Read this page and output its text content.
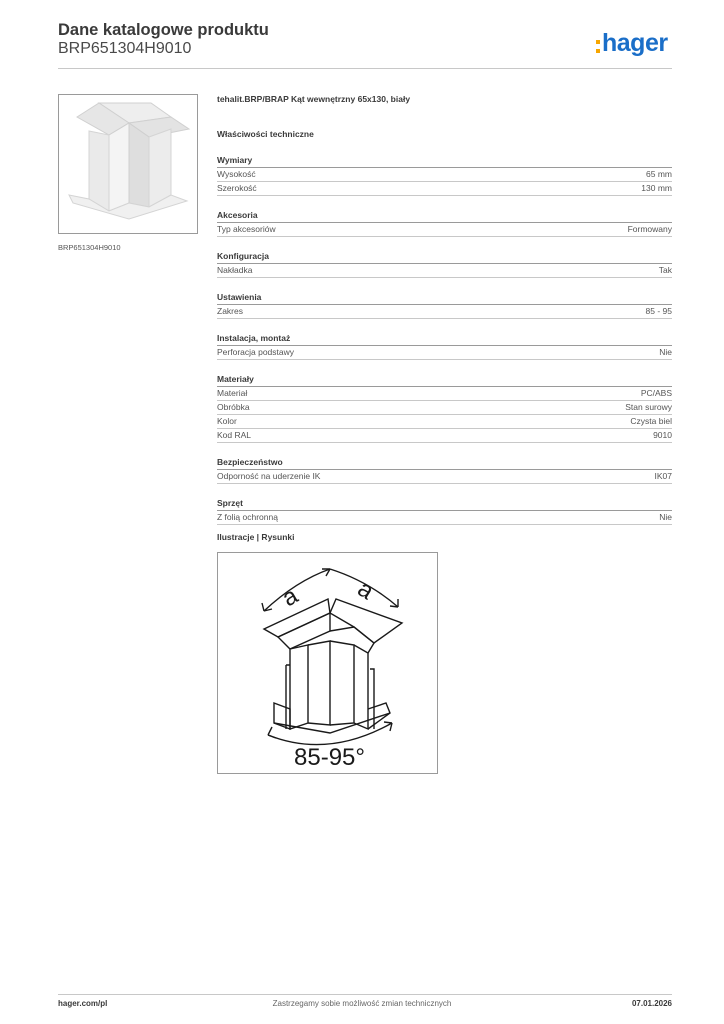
Dane katalogowe produktu
BRP651304H9010	hager
BRP651304H9010
tehalit.BRP/BRAP Kąt wewnętrzny 65x130, biały
Właściwości techniczne
Wymiary
Wysokość	65 mm
Szerokość	130 mm
Akcesoria
Typ akcesoriów	Formowany
Konfiguracja
Nakładka	Tak
Ustawienia
Zakres	85 - 95
Instalacja, montaż
Perforacja podstawy	Nie
Materiały
Materiał	PC/ABS
Obróbka	Stan surowy
Kolor	Czysta biel
Kod RAL	9010
Bezpieczeństwo
Odporność na uderzenie IK	IK07
Sprzęt
Z folią ochronną	Nie
Ilustracje | Rysunki
a a
85-95°
hager.com/pl	Zastrzegamy sobie możliwość zmian technicznych	07.01.2026
